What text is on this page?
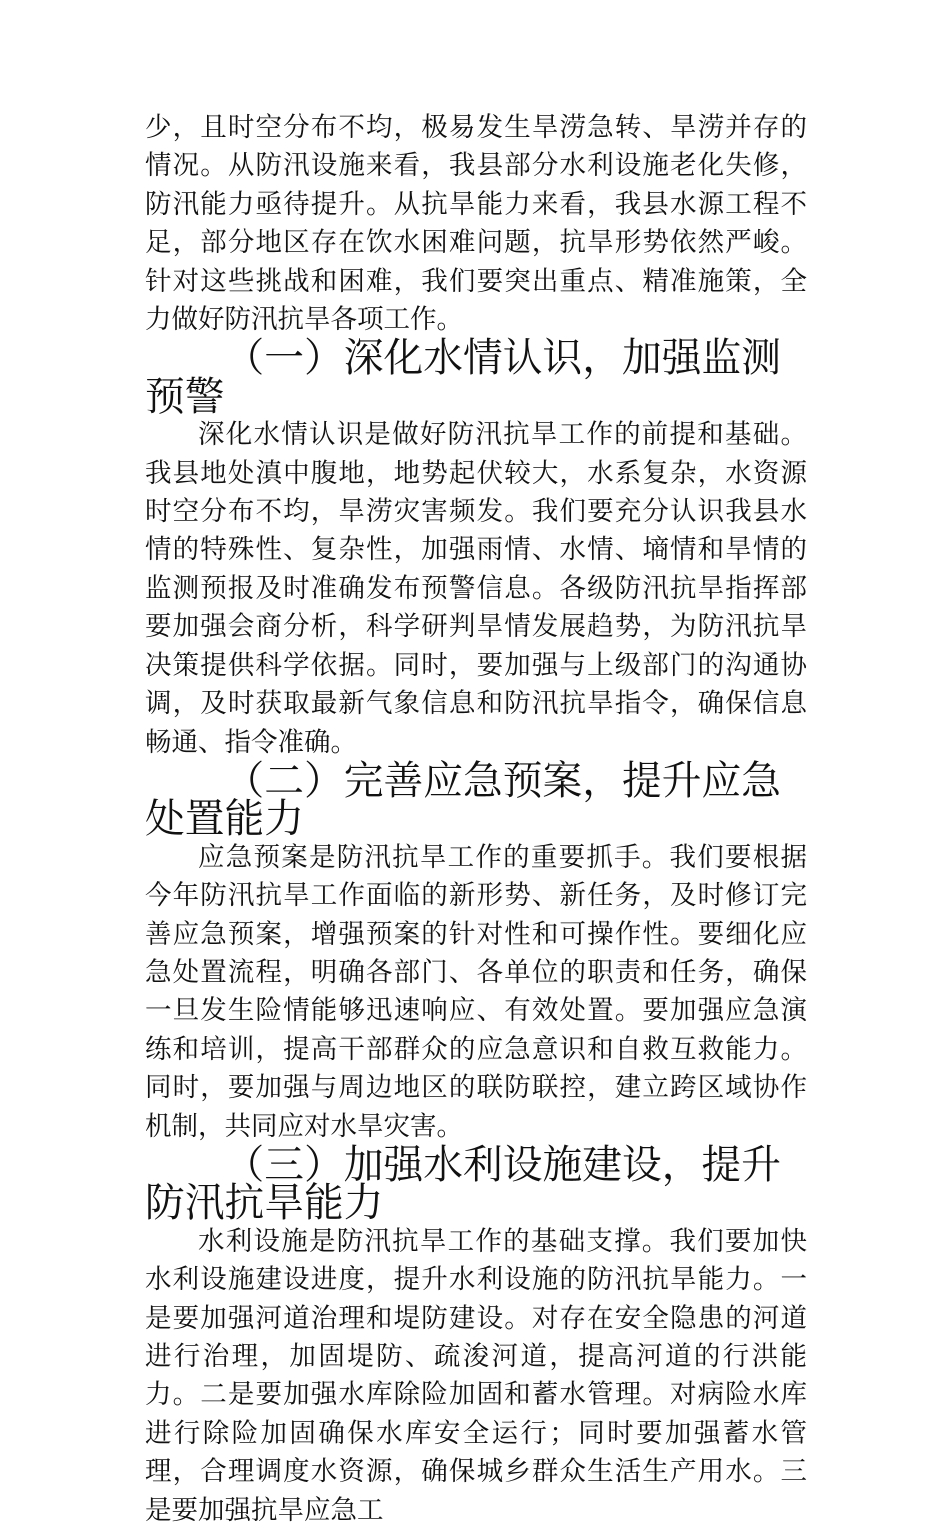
少，且时空分布不均，极易发生旱涝急转、旱涝并存的情况。从防汛设施来看，我县部分水利设施老化失修，防汛能力亟待提升。从抗旱能力来看，我县水源工程不足，部分地区存在饮水困难问题，抗旱形势依然严峻。针对这些挑战和困难，我们要突出重点、精准施策，全力做好防汛抗旱各项工作。

（一）深化水情认识，加强监测预警

深化水情认识是做好防汛抗旱工作的前提和基础。我县地处滇中腹地，地势起伏较大，水系复杂，水资源时空分布不均，旱涝灾害频发。我们要充分认识我县水情的特殊性、复杂性，加强雨情、水情、墒情和旱情的监测预报及时准确发布预警信息。各级防汛抗旱指挥部要加强会商分析，科学研判旱情发展趋势，为防汛抗旱决策提供科学依据。同时，要加强与上级部门的沟通协调，及时获取最新气象信息和防汛抗旱指令，确保信息畅通、指令准确。

（二）完善应急预案，提升应急处置能力

应急预案是防汛抗旱工作的重要抓手。我们要根据今年防汛抗旱工作面临的新形势、新任务，及时修订完善应急预案，增强预案的针对性和可操作性。要细化应急处置流程，明确各部门、各单位的职责和任务，确保一旦发生险情能够迅速响应、有效处置。要加强应急演练和培训，提高干部群众的应急意识和自救互救能力。同时，要加强与周边地区的联防联控，建立跨区域协作机制，共同应对水旱灾害。

（三）加强水利设施建设，提升防汛抗旱能力

水利设施是防汛抗旱工作的基础支撑。我们要加快水利设施建设进度，提升水利设施的防汛抗旱能力。一是要加强河道治理和堤防建设。对存在安全隐患的河道进行治理，加固堤防、疏浚河道，提高河道的行洪能力。二是要加强水库除险加固和蓄水管理。对病险水库进行除险加固确保水库安全运行；同时要加强蓄水管理，合理调度水资源，确保城乡群众生活生产用水。三是要加强抗旱应急工
